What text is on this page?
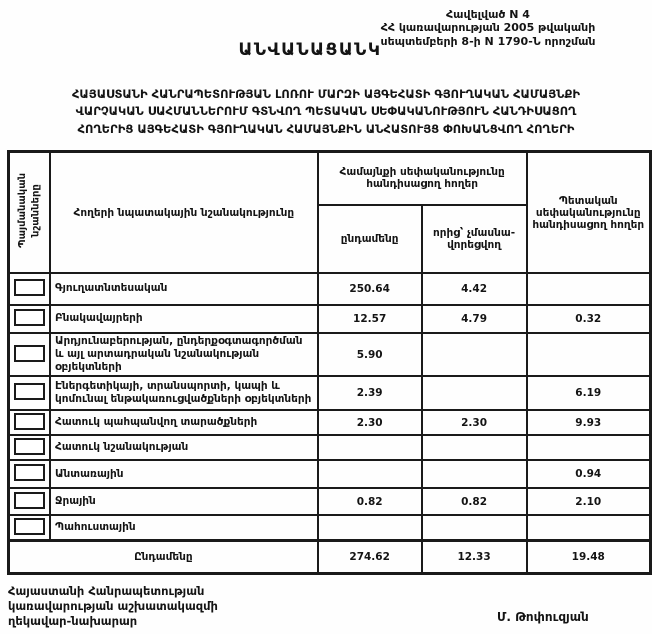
Հավելված N 4
ՀՀ կառավարության 2005 թվականի
սեպտեմբերի 8-ի N 1790-Ն որոշման
ԱՆՎԱՆԱՑԱՆԿ
ՀԱՅԱՍՏԱՆԻ ՀԱՆՐԱՊԵՏՈՒԹՅԱՆ ԼՈՌՈՒ ՄԱՐԶԻ ԱՅԳԵՀԱՏԻ ԳՅՈՒՂԱԿԱՆ ՀԱՄԱՅՆՔԻ
ՎԱՐՉԱԿԱՆ ՍԱՀՄԱՆՆԵՐՈՒՄ ԳՏՆՎՈՂ ՊԵՏԱԿԱՆ ՍԵՓԱԿԱՆՈՒԹՅՈՒՆ ՀԱՆԴԻՍԱՑՈՂ
ՀՈՂԵՐԻՑ ԱՅԳԵՀԱՏԻ ԳՅՈՒՂԱԿԱՆ ՀԱՄԱՅՆՔԻՆ ԱՆՀԱՏՈՒՅՑ ՓՈԽԱՆՑՎՈՂ ՀՈՂԵՐԻ
Պայմանական նշանները	Հողերի նպատակային նշանակությունը	Համայնքի սեփականությունը հանդիսացող հողեր		Պետական սեփականությունը հանդիսացող հողեր
		ընդամենը	որից՝ չմասնա-վորեցվող	
	Գյուղատնտեսական	250.64	4.42	
	Բնակավայրերի	12.57	4.79	0.32
	Արդյունաբերության, ընդերքօգտագործման և այլ արտադրական նշանակության օբյեկտների	5.90		
	Էներգետիկայի, տրանսպորտի, կապի և կոմունալ ենթակառուցվածքների օբյեկտների	2.39		6.19
	Հատուկ պահպանվող տարածքների	2.30	2.30	9.93
	Հատուկ նշանակության			
	Անտառային			0.94
	Ջրային	0.82	0.82	2.10
	Պահուստային			
Ընդամենը		274.62	12.33	19.48
Հայաստանի Հանրապետության
կառավարության աշխատակազմի
ղեկավար-նախարար	Մ. Թոփուզյան
